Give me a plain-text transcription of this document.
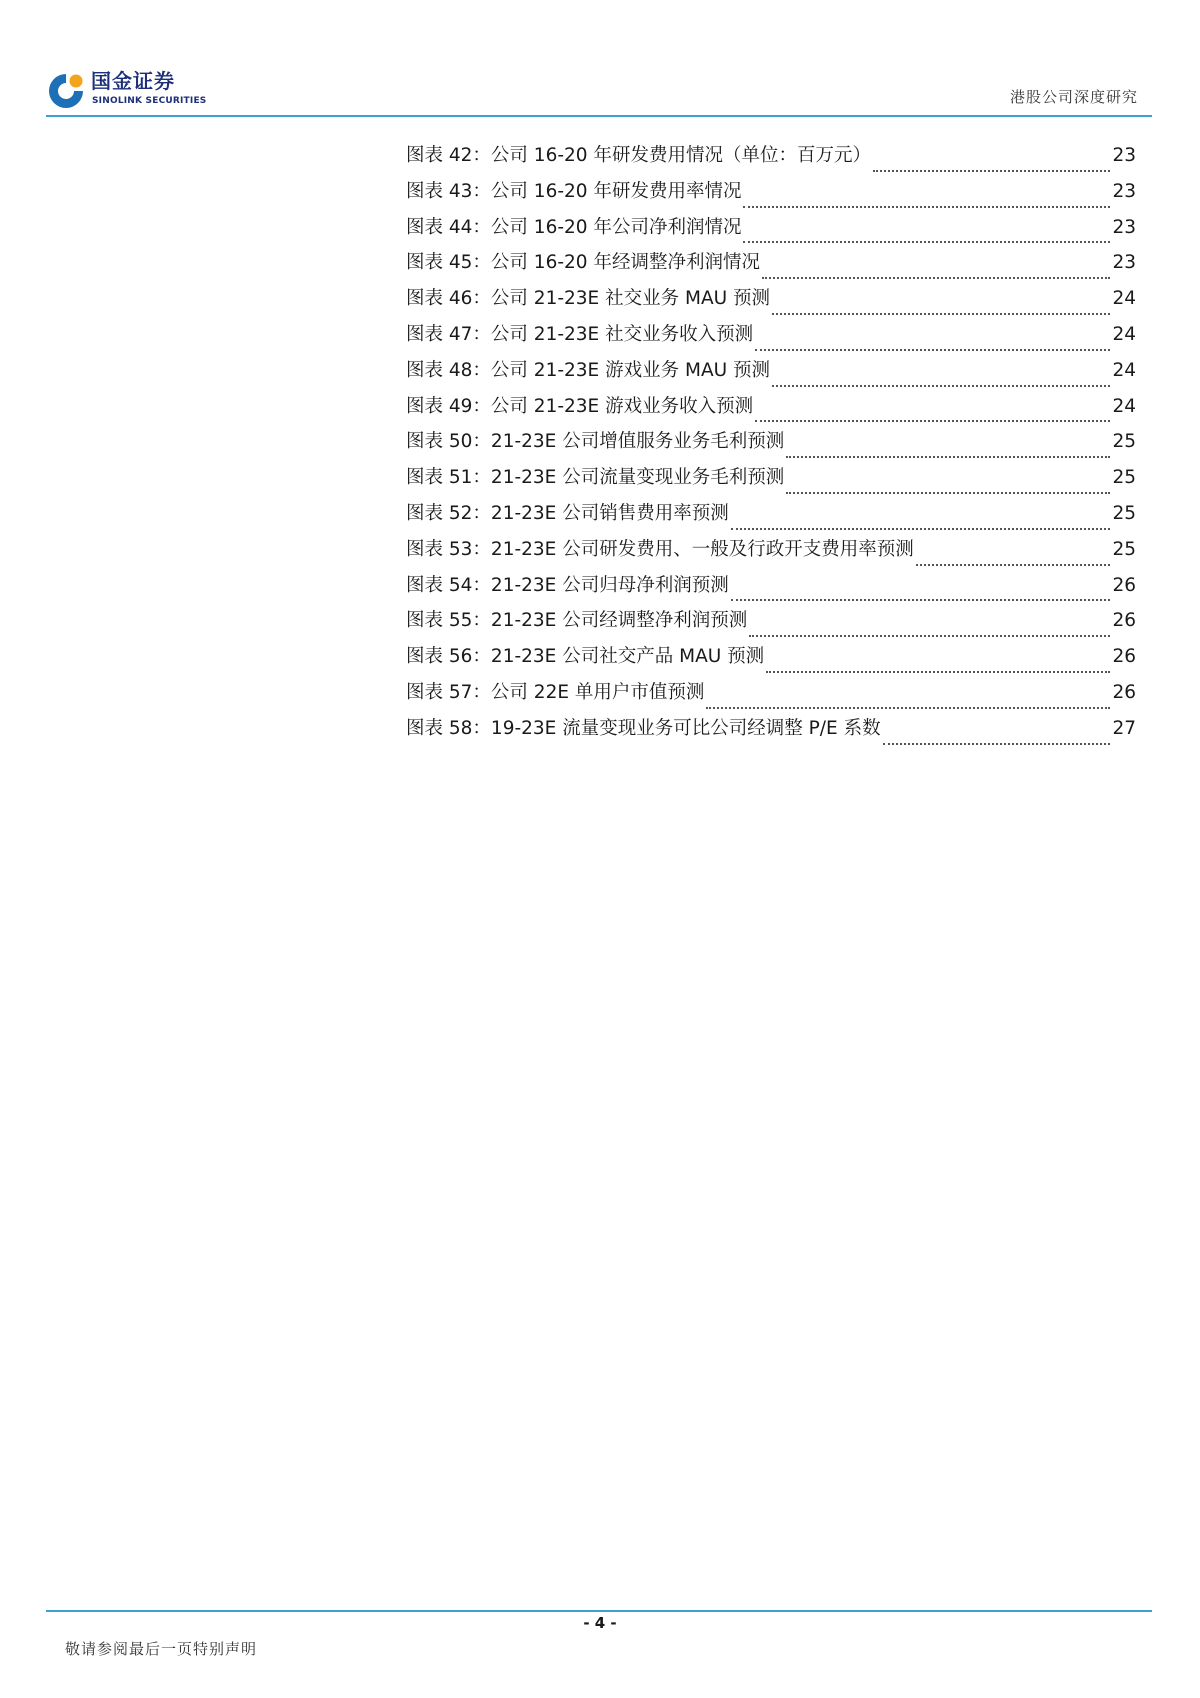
国金证券
SINOLINK SECURITIES	港股公司深度研究
图表 42：公司 16-20 年研发费用情况（单位：百万元）	23
图表 43：公司 16-20 年研发费用率情况	23
图表 44：公司 16-20 年公司净利润情况	23
图表 45：公司 16-20 年经调整净利润情况	23
图表 46：公司 21-23E 社交业务 MAU 预测	24
图表 47：公司 21-23E 社交业务收入预测	24
图表 48：公司 21-23E 游戏业务 MAU 预测	24
图表 49：公司 21-23E 游戏业务收入预测	24
图表 50：21-23E 公司增值服务业务毛利预测	25
图表 51：21-23E 公司流量变现业务毛利预测	25
图表 52：21-23E 公司销售费用率预测	25
图表 53：21-23E 公司研发费用、一般及行政开支费用率预测	25
图表 54：21-23E 公司归母净利润预测	26
图表 55：21-23E 公司经调整净利润预测	26
图表 56：21-23E 公司社交产品 MAU 预测	26
图表 57：公司 22E 单用户市值预测	26
图表 58：19-23E 流量变现业务可比公司经调整 P/E 系数	27
- 4 -
敬请参阅最后一页特别声明
